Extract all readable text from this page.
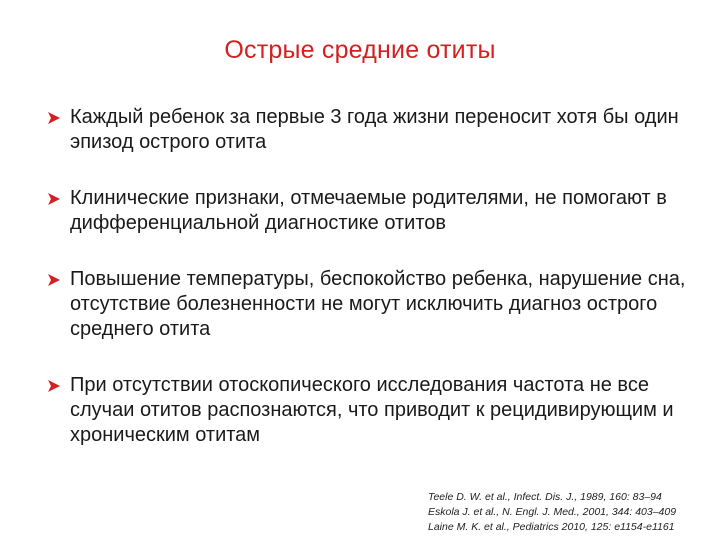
Острые средние отиты
Каждый ребенок за первые 3 года жизни переносит хотя бы один эпизод острого отита
Клинические признаки, отмечаемые родителями, не помогают в дифференциальной диагностике отитов
Повышение температуры, беспокойство ребенка, нарушение сна, отсутствие болезненности не могут исключить диагноз острого среднего отита
При отсутствии отоскопического исследования частота не все случаи отитов распознаются, что приводит к рецидивирующим и хроническим отитам
Teele D. W. et al., Infect. Dis. J., 1989, 160: 83–94
Eskola J. et al., N. Engl. J. Med., 2001, 344: 403–409
Laine M. K. et al., Pediatrics 2010, 125: e1154-e1161
